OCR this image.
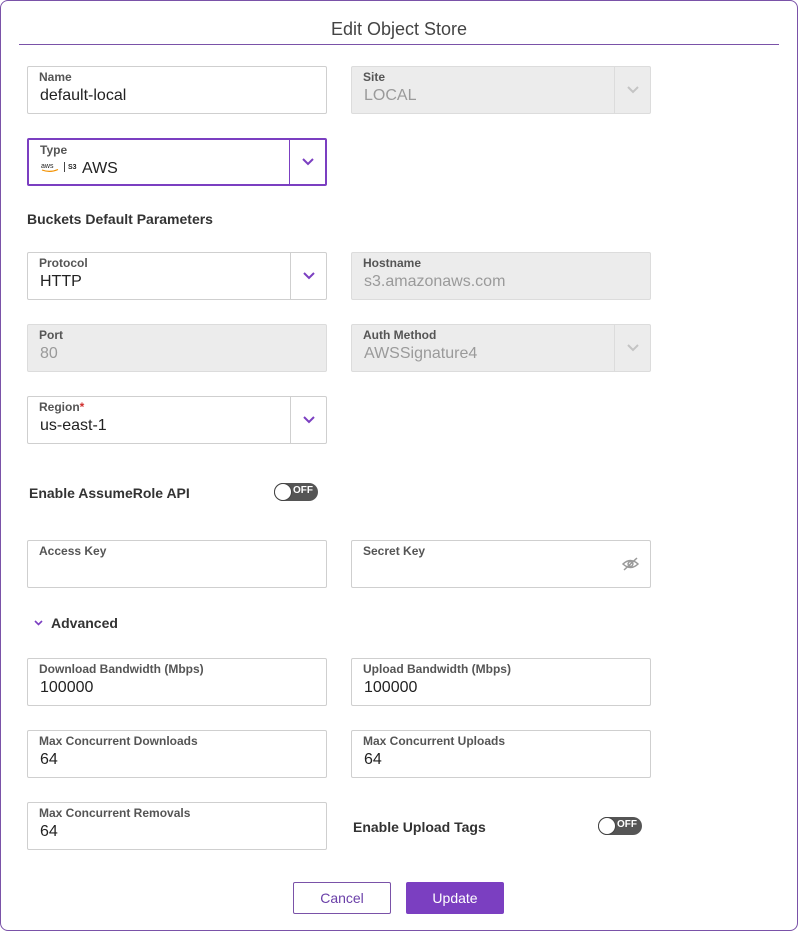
Edit Object Store
Name
default-local
Site
LOCAL
Type
aws S3 AWS
Buckets Default Parameters
Protocol
HTTP
Hostname
s3.amazonaws.com
Port
80
Auth Method
AWSSignature4
Region*
us-east-1
Enable AssumeRole API	OFF
Access Key	Secret Key
Advanced
Download Bandwidth (Mbps)
100000
Upload Bandwidth (Mbps)
100000
Max Concurrent Downloads
64
Max Concurrent Uploads
64
Max Concurrent Removals
64	Enable Upload Tags	OFF
Cancel	Update
